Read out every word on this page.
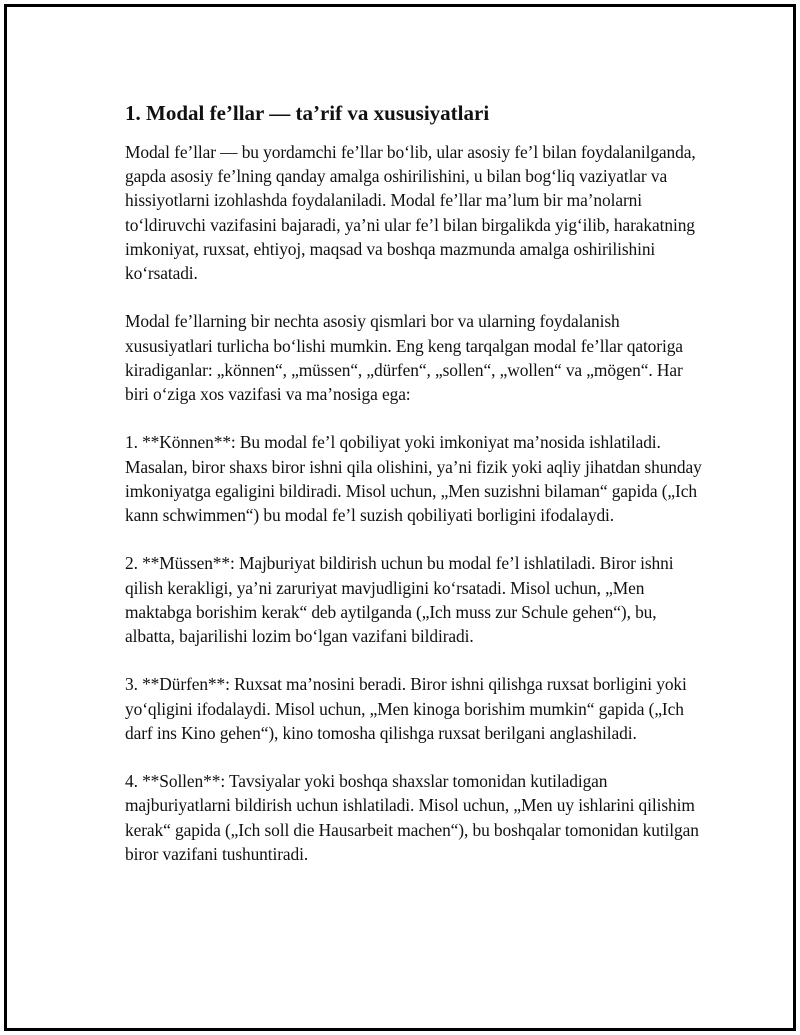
1. Modal fe’llar — ta’rif va xususiyatlari

Modal fe’llar — bu yordamchi fe’llar bo‘lib, ular asosiy fe’l bilan foydalanilganda, gapda asosiy fe’lning qanday amalga oshirilishini, u bilan bog‘liq vaziyatlar va hissiyotlarni izohlashda foydalaniladi. Modal fe’llar ma’lum bir ma’nolarni to‘ldiruvchi vazifasini bajaradi, ya’ni ular fe’l bilan birgalikda yig‘ilib, harakatning imkoniyat, ruxsat, ehtiyoj, maqsad va boshqa mazmunda amalga oshirilishini ko‘rsatadi.

Modal fe’llarning bir nechta asosiy qismlari bor va ularning foydalanish xususiyatlari turlicha bo‘lishi mumkin. Eng keng tarqalgan modal fe’llar qatoriga kiradiganlar: „können“, „müssen“, „dürfen“, „sollen“, „wollen“ va „mögen“. Har biri o‘ziga xos vazifasi va ma’nosiga ega:

1. **Können**: Bu modal fe’l qobiliyat yoki imkoniyat ma’nosida ishlatiladi. Masalan, biror shaxs biror ishni qila olishini, ya’ni fizik yoki aqliy jihatdan shunday imkoniyatga egaligini bildiradi. Misol uchun, „Men suzishni bilaman“ gapida („Ich kann schwimmen“) bu modal fe’l suzish qobiliyati borligini ifodalaydi.

2. **Müssen**: Majburiyat bildirish uchun bu modal fe’l ishlatiladi. Biror ishni qilish kerakligi, ya’ni zaruriyat mavjudligini ko‘rsatadi. Misol uchun, „Men maktabga borishim kerak“ deb aytilganda („Ich muss zur Schule gehen“), bu, albatta, bajarilishi lozim bo‘lgan vazifani bildiradi.

3. **Dürfen**: Ruxsat ma’nosini beradi. Biror ishni qilishga ruxsat borligini yoki yo‘qligini ifodalaydi. Misol uchun, „Men kinoga borishim mumkin“ gapida („Ich darf ins Kino gehen“), kino tomosha qilishga ruxsat berilgani anglashiladi.

4. **Sollen**: Tavsiyalar yoki boshqa shaxslar tomonidan kutiladigan majburiyatlarni bildirish uchun ishlatiladi. Misol uchun, „Men uy ishlarini qilishim kerak“ gapida („Ich soll die Hausarbeit machen“), bu boshqalar tomonidan kutilgan biror vazifani tushuntiradi.
